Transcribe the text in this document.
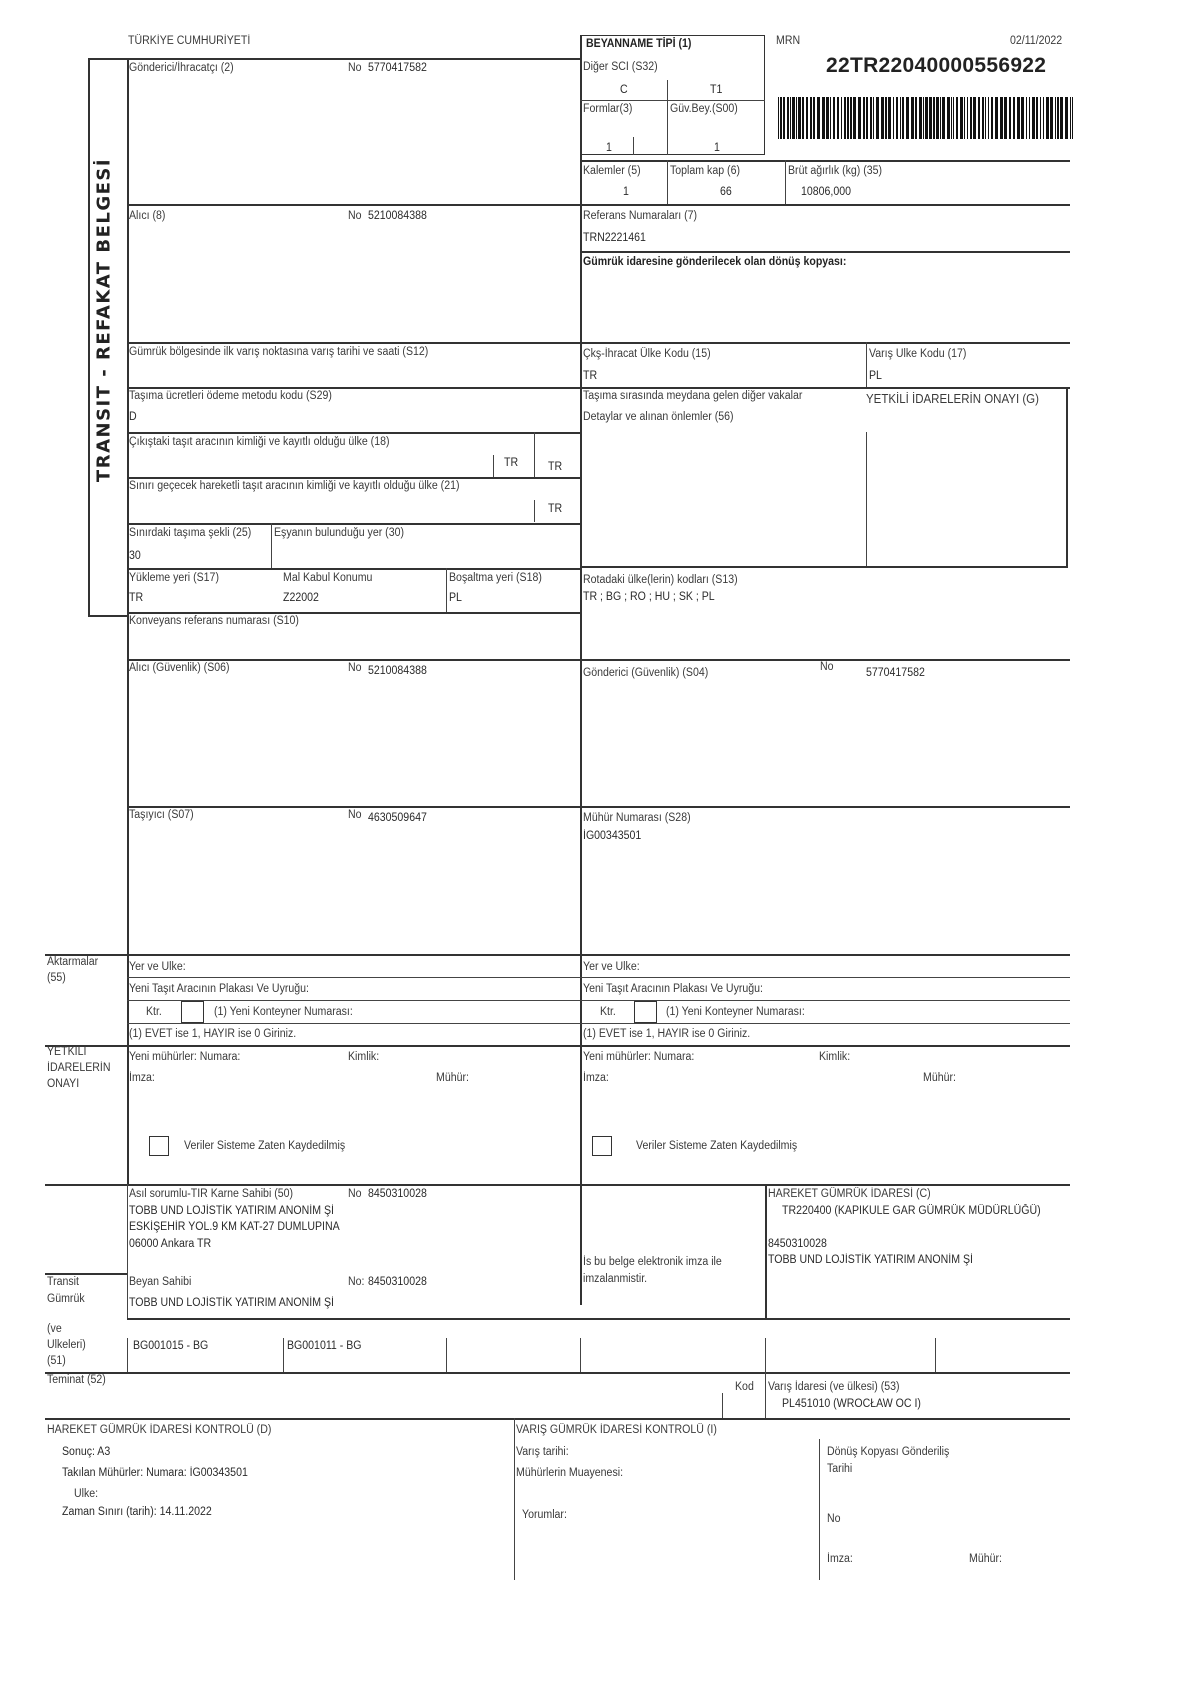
TÜRKİYE CUMHURİYETİ	BEYANNAME TİPİ (1)	MRN	02/11/2022
22TR22040000556922
TRANSIT - REFAKAT BELGESİ
Diğer SCI (S32)
C	T1
Formlar(3)
1
Güv.Bey.(S00)
1
Kalemler (5)
1
Toplam kap (6)
66
Brüt ağırlık (kg) (35)
10806,000
Gönderici/İhracatçı (2)	No 5770417582
Alıcı (8)	No 5210084388	Referans Numaraları (7)
TRN2221461
Gümrük idaresine gönderilecek olan dönüş kopyası:
Gümrük bölgesinde ilk varış noktasına varış tarihi ve saati (S12)	Çkş-İhracat Ülke Kodu (15)
TR
Varış Ülke Kodu (17)
PL
Taşıma ücretleri ödeme metodu kodu (S29)
D
Taşıma sırasında meydana gelen diğer vakalar
Detaylar ve alınan önlemler (56)
YETKİLİ İDARELERİN ONAYI (G)
Çıkıştaki taşıt aracının kimliği ve kayıtlı olduğu ülke (18)
TR	TR
Sınırı geçecek hareketli taşıt aracının kimliği ve kayıtlı olduğu ülke (21)
TR
Sınırdaki taşıma şekli (25)
30
Eşyanın bulunduğu yer (30)
Yükleme yeri (S17)
TR
Mal Kabul Konumu
Z22002
Boşaltma yeri (S18)
PL
Rotadaki ülke(lerin) kodları (S13)
TR ; BG ; RO ; HU ; SK ; PL
Konveyans referans numarası (S10)
Alıcı (Güvenlik) (S06)	No 5210084388	Gönderici (Güvenlik) (S04)	No	5770417582
Taşıyıcı (S07)	No 4630509647	Mühür Numarası (S28)
İG00343501
Aktarmalar
(55)
Yer ve Ülke:	Yer ve Ülke:
Yeni Taşıt Aracının Plakası Ve Uyruğu:	Yeni Taşıt Aracının Plakası Ve Uyruğu:
Ktr.	(1) Yeni Konteyner Numarası:	Ktr.	(1) Yeni Konteyner Numarası:
(1) EVET ise 1, HAYIR ise 0 Giriniz.	(1) EVET ise 1, HAYIR ise 0 Giriniz.
YETKİLİ
İDARELERİN
ONAYI
Yeni mühürler: Numara:	Kimlik:
İmza:	Mühür:
Veriler Sisteme Zaten Kaydedilmiş
Yeni mühürler: Numara:	Kimlik:
İmza:	Mühür:
Veriler Sisteme Zaten Kaydedilmiş
Asıl sorumlu-TIR Karne Sahibi (50)	No 8450310028
TOBB UND LOJİSTİK YATIRIM ANONİM Şİ
ESKİŞEHİR YOL.9 KM KAT-27 DUMLUPINA
06000 Ankara TR
Transit
Gümrük
Beyan Sahibi	No: 8450310028
TOBB UND LOJİSTİK YATIRIM ANONİM Şİ
İs bu belge elektronik imza ile
imzalanmistir.
HAREKET GÜMRÜK İDARESİ (C)
TR220400 (KAPIKULE GAR GÜMRÜK MÜDÜRLÜĞÜ)
8450310028
TOBB UND LOJİSTİK YATIRIM ANONİM Şİ
(ve
Ülkeleri)
(51)
BG001015 - BG	BG001011 - BG
Teminat (52)
Kod Varış İdaresi (ve ülkesi) (53)
PL451010 (WROCŁAW OC I)
HAREKET GÜMRÜK İDARESİ KONTROLÜ (D)
Sonuç: A3
Takılan Mühürler: Numara: İG00343501
Ülke:
Zaman Sınırı (tarih): 14.11.2022
VARIŞ GÜMRÜK İDARESİ KONTROLÜ (I)
Varış tarihi:
Mühürlerin Muayenesi:
Yorumlar:
Dönüş Kopyası Gönderiliş
Tarihi
No
İmza:	Mühür:
